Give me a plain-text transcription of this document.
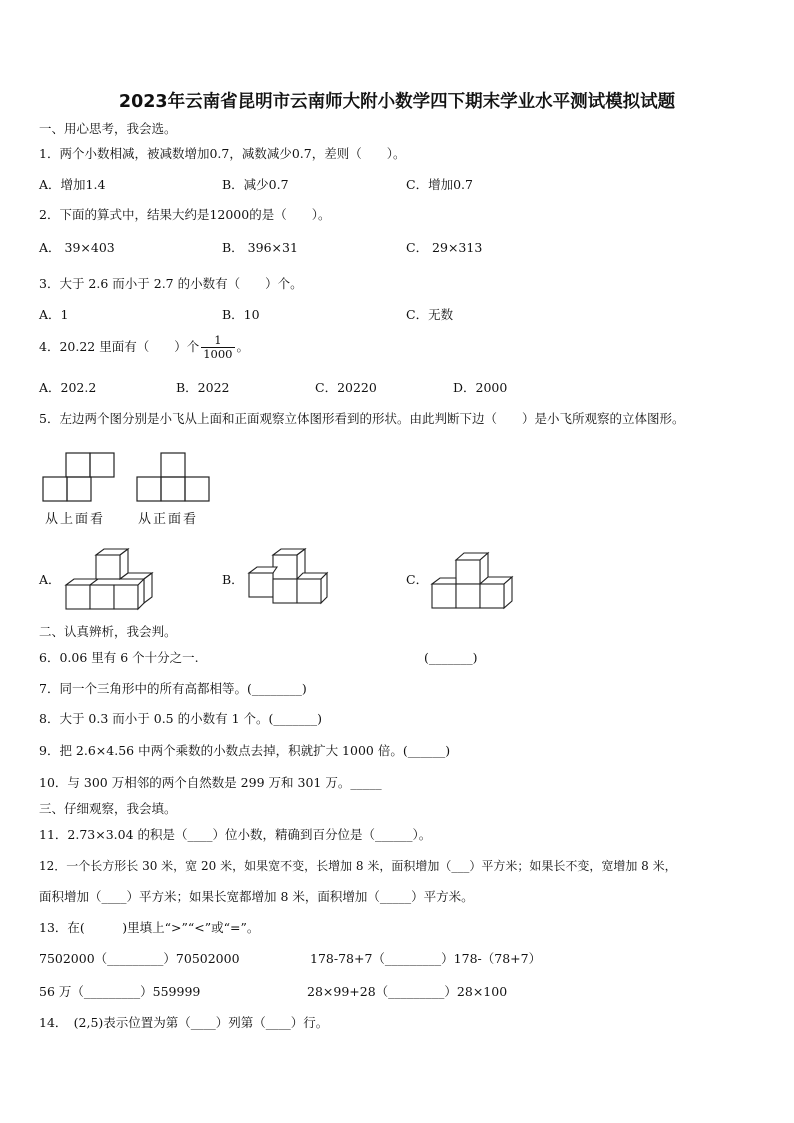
2023年云南省昆明市云南师大附小数学四下期末学业水平测试模拟试题
一、用心思考，我会选。
1．两个小数相减，被减数增加0.7，减数减少0.7，差则（　　）。
A．增加1.4	B．减少0.7	C．增加0.7
2．下面的算式中，结果大约是12000的是（　　）。
A． 39×403	B． 396×31	C． 29×313
3．大于 2.6 而小于 2.7 的小数有（　　）个。
A．1	B．10	C．无数
4．20.22 里面有（　　）个 $\frac{1}{1000}$ 。
A．202.2	B．2022	C．20220	D．2000
5．左边两个图分别是小飞从上面和正面观察立体图形看到的形状。由此判断下边（　　）是小飞所观察的立体图形。
从上面看	从正面看
A．	B．	C．
二、认真辨析，我会判。
6．0.06 里有 6 个十分之一.	(_______)
7．同一个三角形中的所有高都相等。(________)
8．大于 0.3 而小于 0.5 的小数有 1 个。(_______)
9．把 2.6×4.56 中两个乘数的小数点去掉，积就扩大 1000 倍。(______)
10．与 300 万相邻的两个自然数是 299 万和 301 万。_____
三、仔细观察，我会填。
11．2.73×3.04 的积是（____）位小数，精确到百分位是（______）。
12．一个长方形长 30 米，宽 20 米，如果宽不变，长增加 8 米，面积增加（___）平方米；如果长不变，宽增加 8 米，
面积增加（____）平方米；如果长宽都增加 8 米，面积增加（_____）平方米。
13．在(　　　)里填上“>”“<”或“=”。
7502000（_________）70502000	178-78+7（_________）178-（78+7）
56 万（_________）559999	28×99+28（_________）28×100
14．　(2,5)表示位置为第（____）列第（____）行。
